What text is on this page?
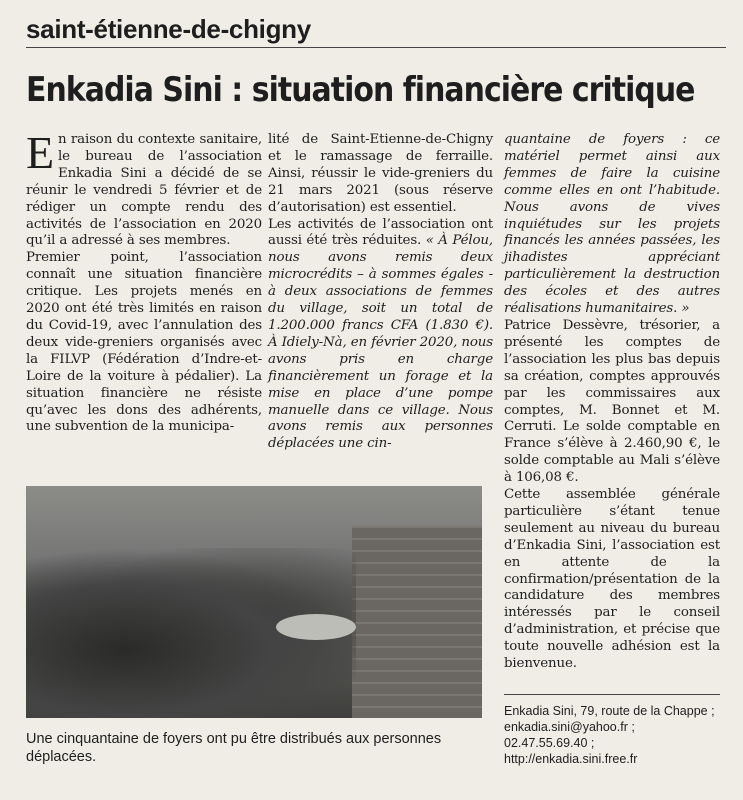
saint-étienne-de-chigny
Enkadia Sini : situation financière critique

En raison du contexte sanitaire, le bureau de l’association Enkadia Sini a décidé de se réunir le vendredi 5 février et de rédiger un compte rendu des activités de l’association en 2020 qu’il a adressé à ses membres.

Premier point, l’association connaît une situation financière critique. Les projets menés en 2020 ont été très limités en raison du Covid-19, avec l’annulation des deux vide-greniers organisés avec la FILVP (Fédération d’Indre-et-Loire de la voiture à pédalier). La situation financière ne résiste qu’avec les dons des adhérents, une subvention de la municipa-

lité de Saint-Etienne-de-Chigny et le ramassage de ferraille. Ainsi, réussir le vide-greniers du 21 mars 2021 (sous réserve d’autorisation) est essentiel.

Les activités de l’association ont aussi été très réduites. « À Pélou, nous avons remis deux microcrédits – à sommes égales - à deux associations de femmes du village, soit un total de 1.200.000 francs CFA (1.830 €). À Idiely-Nà, en février 2020, nous avons pris en charge financièrement un forage et la mise en place d’une pompe manuelle dans ce village. Nous avons remis aux personnes déplacées une cin-

quantaine de foyers : ce matériel permet ainsi aux femmes de faire la cuisine comme elles en ont l’habitude. Nous avons de vives inquiétudes sur les projets financés les années passées, les jihadistes appréciant particulièrement la destruction des écoles et des autres réalisations humanitaires. »

Patrice Dessèvre, trésorier, a présenté les comptes de l’association les plus bas depuis sa création, comptes approuvés par les commissaires aux comptes, M. Bonnet et M. Cerruti. Le solde comptable en France s’élève à 2.460,90 €, le solde comptable au Mali s’élève à 106,08 €.

Cette assemblée générale particulière s’étant tenue seulement au niveau du bureau d’Enkadia Sini, l’association est en attente de la confirmation/présentation de la candidature des membres intéressés par le conseil d’administration, et précise que toute nouvelle adhésion est la bienvenue.

Une cinquantaine de foyers ont pu être distribués aux personnes déplacées.

Enkadia Sini, 79, route de la Chappe ; enkadia.sini@yahoo.fr ;
02.47.55.69.40 ;
http://enkadia.sini.free.fr
